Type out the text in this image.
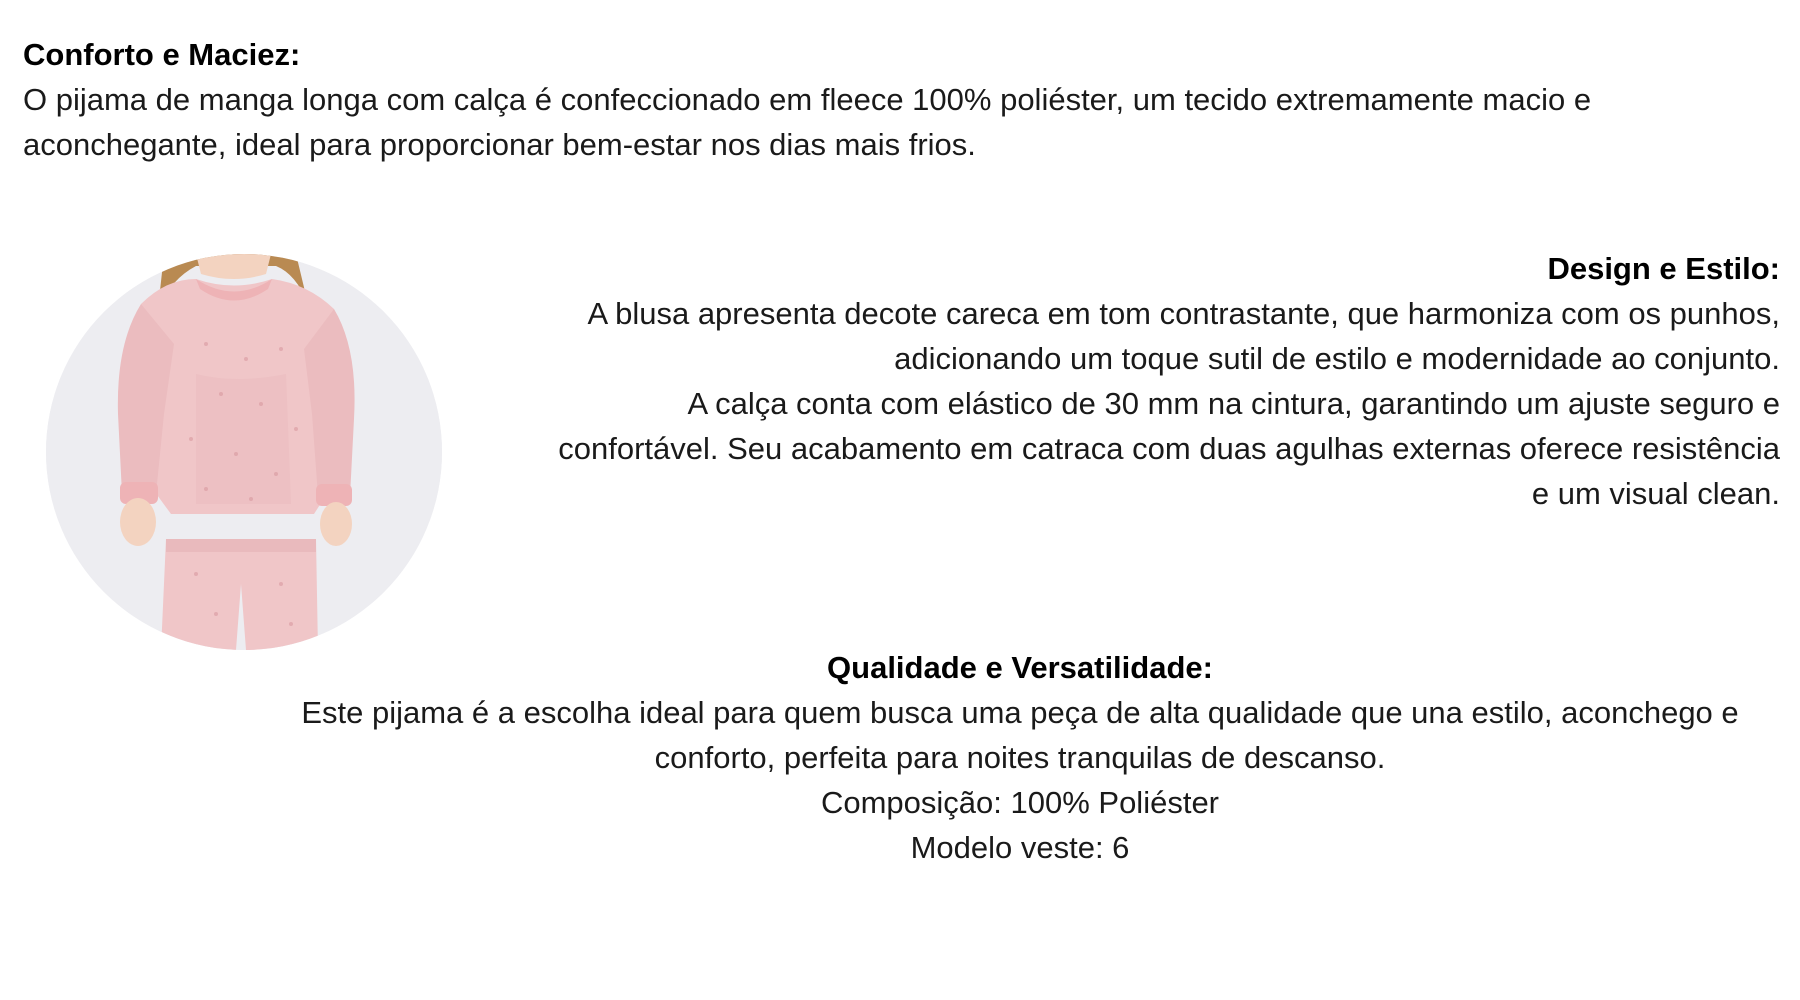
Conforto e Maciez:

O pijama de manga longa com calça é confeccionado em fleece 100% poliéster, um tecido extremamente macio e
aconchegante, ideal para proporcionar bem-estar nos dias mais frios.

Design e Estilo:

A blusa apresenta decote careca em tom contrastante, que harmoniza com os punhos,
adicionando um toque sutil de estilo e modernidade ao conjunto.
A calça conta com elástico de 30 mm na cintura, garantindo um ajuste seguro e
confortável. Seu acabamento em catraca com duas agulhas externas oferece resistência
e um visual clean.

Qualidade e Versatilidade:

Este pijama é a escolha ideal para quem busca uma peça de alta qualidade que una estilo, aconchego e
conforto, perfeita para noites tranquilas de descanso.
Composição: 100% Poliéster
Modelo veste: 6
